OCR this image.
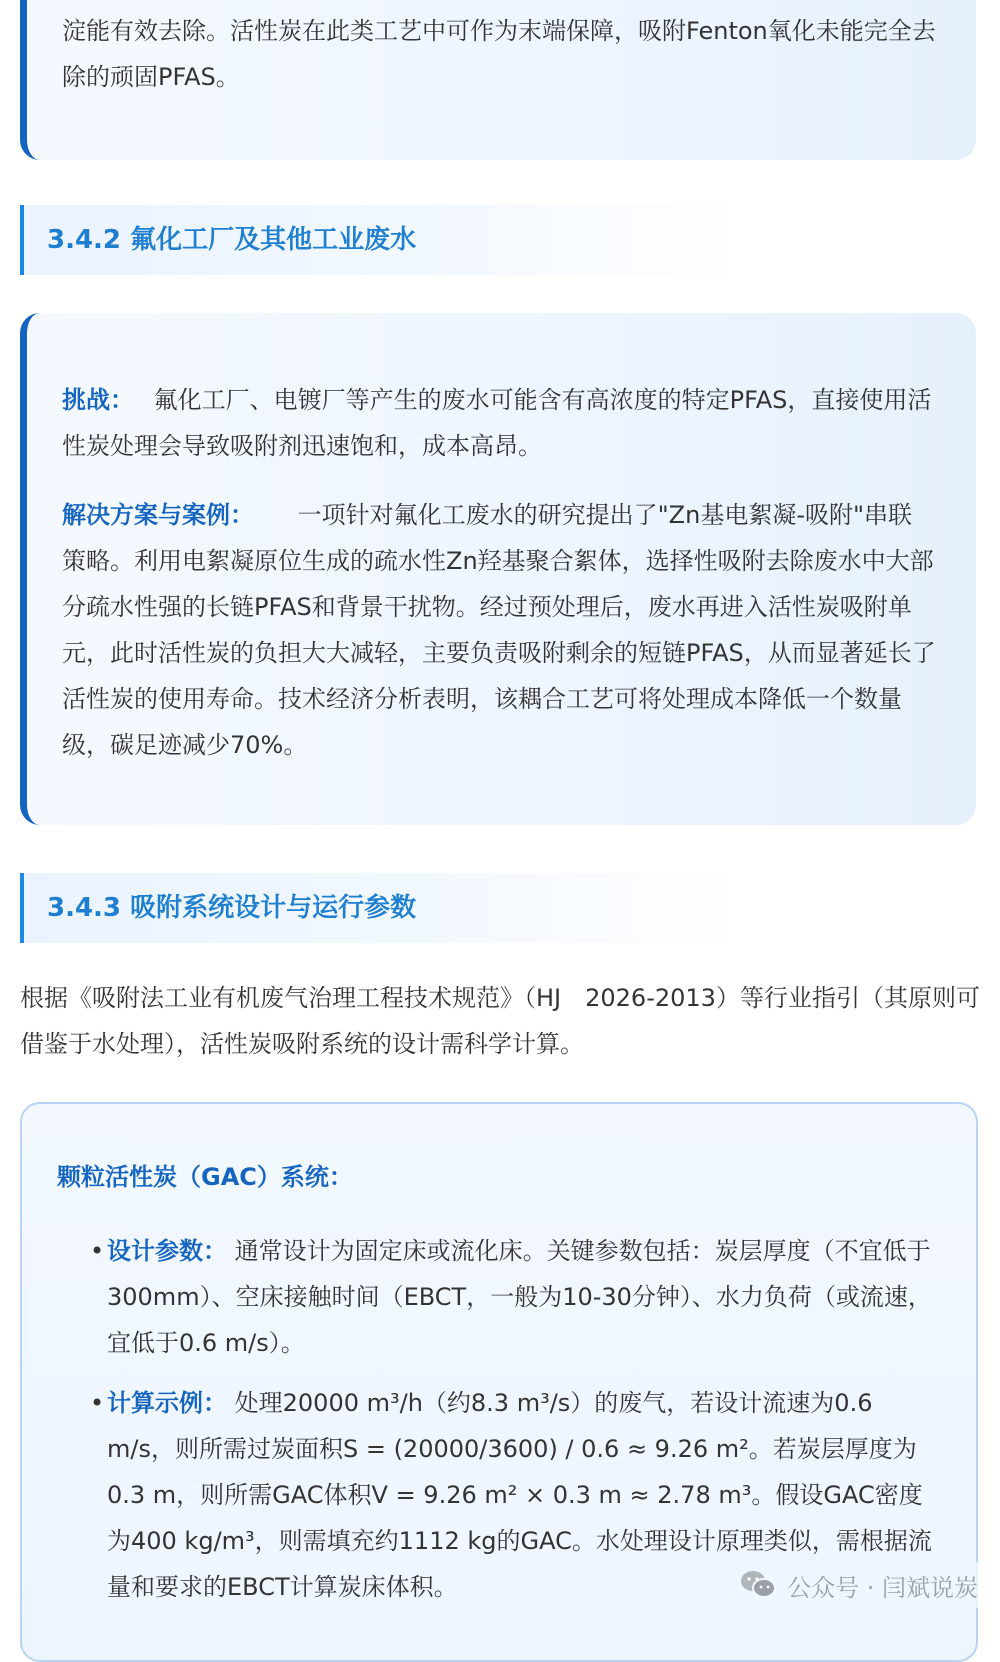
淀能有效去除。活性炭在此类工艺中可作为末端保障，吸附Fenton氧化未能完全去除的顽固PFAS。

3.4.2 氟化工厂及其他工业废水

挑战：　 氟化工厂、电镀厂等产生的废水可能含有高浓度的特定PFAS，直接使用活性炭处理会导致吸附剂迅速饱和，成本高昂。

解决方案与案例：　　 一项针对氟化工废水的研究提出了"Zn基电絮凝-吸附"串联策略。利用电絮凝原位生成的疏水性Zn羟基聚合絮体，选择性吸附去除废水中大部分疏水性强的长链PFAS和背景干扰物。经过预处理后，废水再进入活性炭吸附单元，此时活性炭的负担大大减轻，主要负责吸附剩余的短链PFAS，从而显著延长了活性炭的使用寿命。技术经济分析表明，该耦合工艺可将处理成本降低一个数量级，碳足迹减少70%。

3.4.3 吸附系统设计与运行参数

根据《吸附法工业有机废气治理工程技术规范》（HJ　2026-2013）等行业指引（其原则可借鉴于水处理），活性炭吸附系统的设计需科学计算。

颗粒活性炭（GAC）系统：

• 设计参数： 通常设计为固定床或流化床。关键参数包括：炭层厚度（不宜低于300mm）、空床接触时间（EBCT，一般为10-30分钟）、水力负荷（或流速，宜低于0.6 m/s）。

• 计算示例： 处理20000 m³/h（约8.3 m³/s）的废气，若设计流速为0.6 m/s，则所需过炭面积S = (20000/3600) / 0.6 ≈ 9.26 m²。若炭层厚度为0.3 m，则所需GAC体积V = 9.26 m² × 0.3 m ≈ 2.78 m³。假设GAC密度为400 kg/m³，则需填充约1112 kg的GAC。水处理设计原理类似，需根据流量和要求的EBCT计算炭床体积。	公众号 · 闫斌说炭
